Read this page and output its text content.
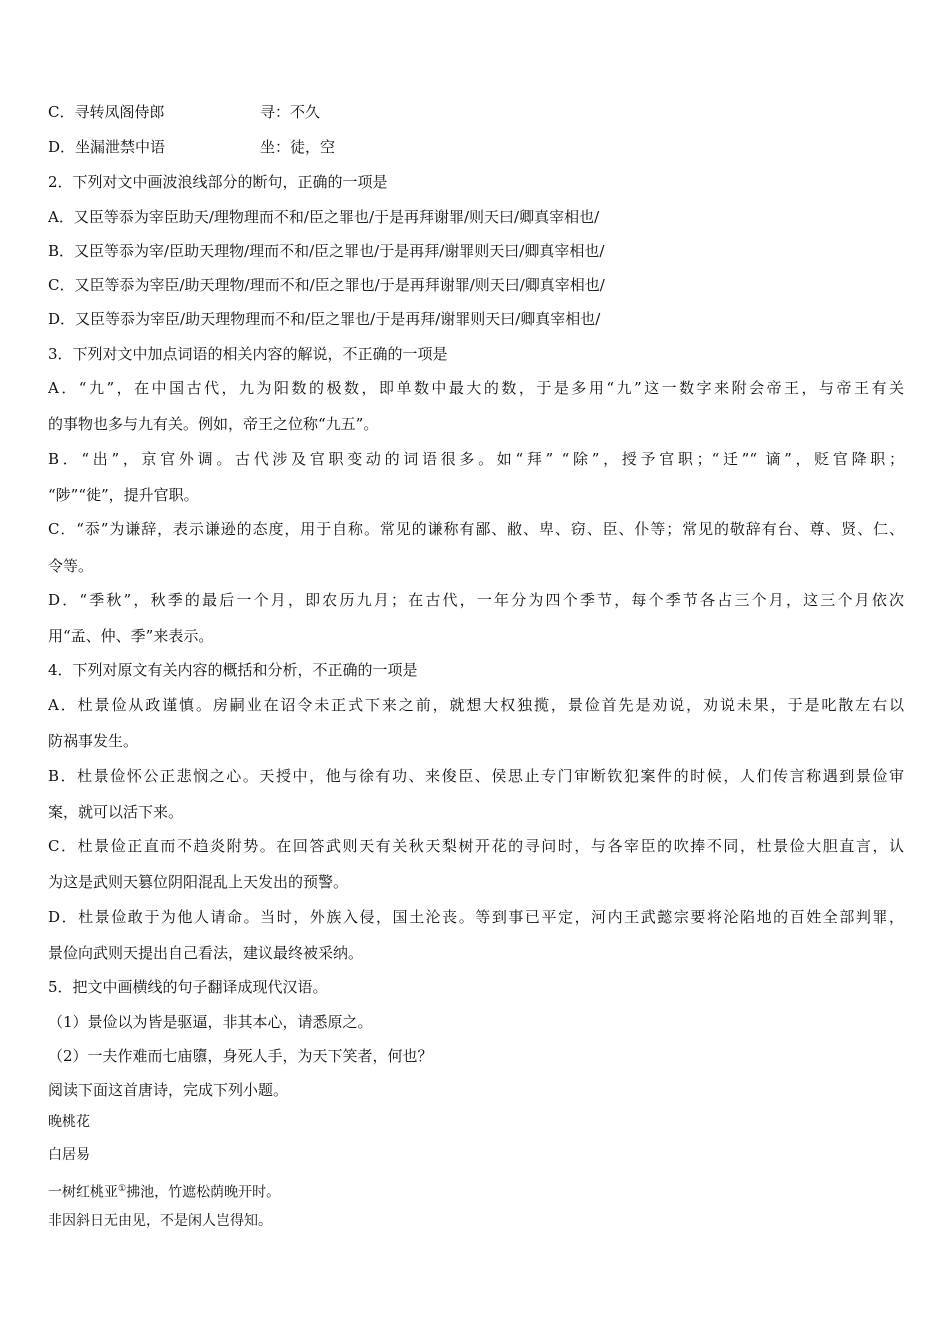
C．寻转凤阁侍郎	寻：不久
D．坐漏泄禁中语	坐：徒，空
2．下列对文中画波浪线部分的断句，正确的一项是
A．又臣等忝为宰臣助天/理物理而不和/臣之罪也/于是再拜谢罪/则天曰/卿真宰相也/
B．又臣等忝为宰/臣助天理物/理而不和/臣之罪也/于是再拜/谢罪则天曰/卿真宰相也/
C．又臣等忝为宰臣/助天理物/理而不和/臣之罪也/于是再拜谢罪/则天曰/卿真宰相也/
D．又臣等忝为宰臣/助天理物理而不和/臣之罪也/于是再拜/谢罪则天曰/卿真宰相也/
3．下列对文中加点词语的相关内容的解说，不正确的一项是
A．“九”，在中国古代，九为阳数的极数，即单数中最大的数，于是多用“九”这一数字来附会帝王，与帝王有关
的事物也多与九有关。例如，帝王之位称“九五”。
B．“出”，京官外调。古代涉及官职变动的词语很多。如“拜” “除”，授予官职；“迁”“ 谪”，贬官降职；
“陟”“徙”，提升官职。
C．“忝”为谦辞，表示谦逊的态度，用于自称。常见的谦称有鄙、敝、卑、窃、臣、仆等；常见的敬辞有台、尊、贤、仁、
令等。
D．“季秋”，秋季的最后一个月，即农历九月；在古代，一年分为四个季节，每个季节各占三个月，这三个月依次
用“孟、仲、季”来表示。
4．下列对原文有关内容的概括和分析，不正确的一项是
A．杜景俭从政谨慎。房嗣业在诏令未正式下来之前，就想大权独揽，景俭首先是劝说，劝说未果，于是叱散左右以
防祸事发生。
B．杜景俭怀公正悲悯之心。天授中，他与徐有功、来俊臣、侯思止专门审断钦犯案件的时候，人们传言称遇到景俭审
案，就可以活下来。
C．杜景俭正直而不趋炎附势。在回答武则天有关秋天梨树开花的寻问时，与各宰臣的吹捧不同，杜景俭大胆直言，认
为这是武则天篡位阴阳混乱上天发出的预警。
D．杜景俭敢于为他人请命。当时，外族入侵，国土沦丧。等到事已平定，河内王武懿宗要将沦陷地的百姓全部判罪，
景俭向武则天提出自己看法，建议最终被采纳。
5．把文中画横线的句子翻译成现代汉语。
（1）景俭以为皆是驱逼，非其本心，请悉原之。
（2）一夫作难而七庙隳，身死人手，为天下笑者，何也？
阅读下面这首唐诗，完成下列小题。
晚桃花
白居易
一树红桃亚①拂池，竹遮松荫晚开时。
非因斜日无由见，不是闲人岂得知。
